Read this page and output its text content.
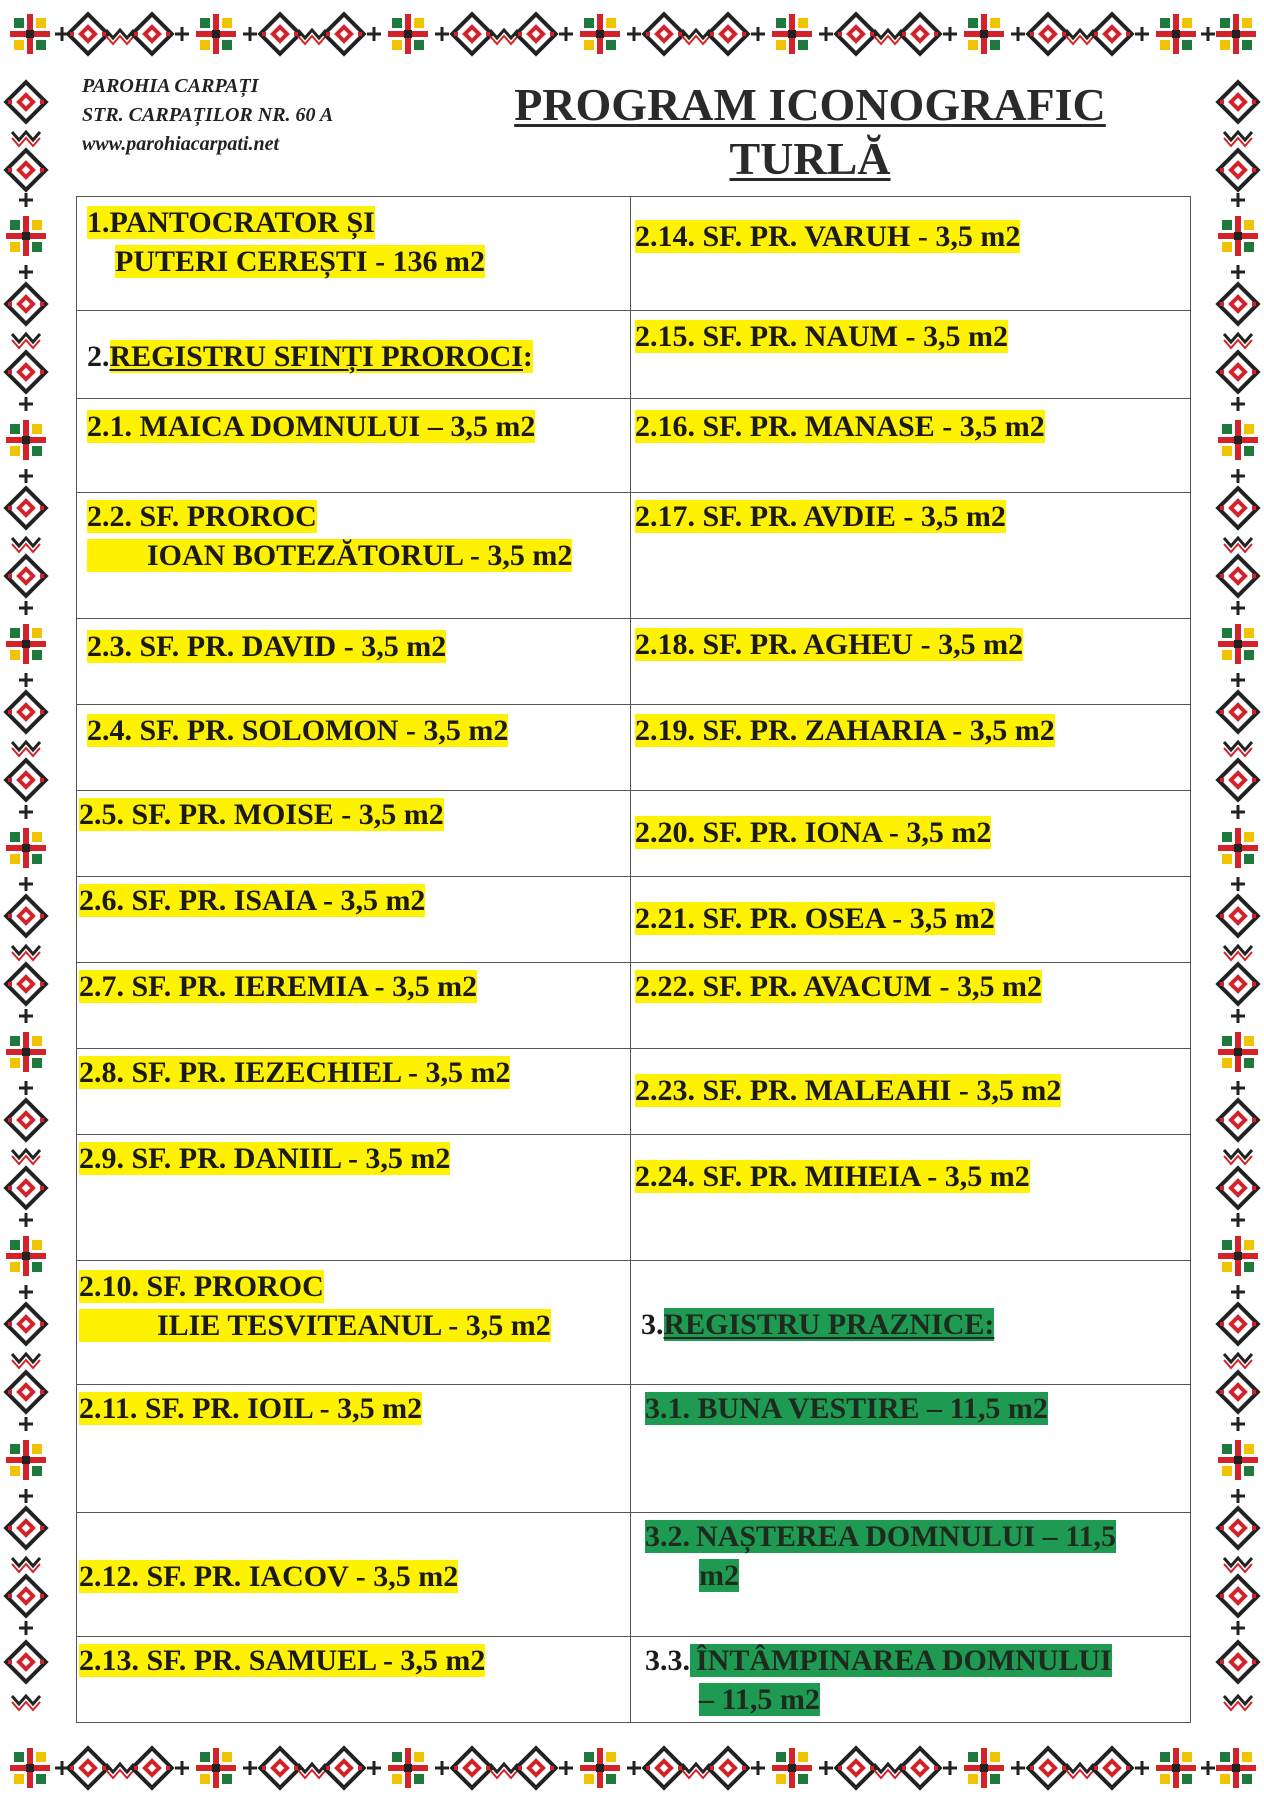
PAROHIA CARPAȚI
STR. CARPAȚILOR NR. 60 A
www.parohiacarpati.net
PROGRAM ICONOGRAFIC
TURLĂ
1.PANTOCRATOR ȘI
PUTERI CEREȘTI - 136 m2	2.14. SF. PR. VARUH - 3,5 m2

2.REGISTRU SFINȚI PROROCI:	2.15. SF. PR. NAUM - 3,5 m2

2.1. MAICA DOMNULUI – 3,5 m2	2.16. SF. PR. MANASE - 3,5 m2

2.2. SF. PROROC
IOAN BOTEZĂTORUL - 3,5 m2	2.17. SF. PR. AVDIE - 3,5 m2

2.3. SF. PR. DAVID - 3,5 m2	2.18. SF. PR. AGHEU - 3,5 m2

2.4. SF. PR. SOLOMON - 3,5 m2	2.19. SF. PR. ZAHARIA - 3,5 m2

2.5. SF. PR. MOISE - 3,5 m2	2.20. SF. PR. IONA - 3,5 m2

2.6. SF. PR. ISAIA - 3,5 m2	2.21. SF. PR. OSEA - 3,5 m2

2.7. SF. PR. IEREMIA - 3,5 m2	2.22. SF. PR. AVACUM - 3,5 m2

2.8. SF. PR. IEZECHIEL - 3,5 m2	2.23. SF. PR. MALEAHI - 3,5 m2

2.9. SF. PR. DANIIL - 3,5 m2	2.24. SF. PR. MIHEIA - 3,5 m2

2.10. SF. PROROC
ILIE TESVITEANUL - 3,5 m2	3.REGISTRU PRAZNICE:

2.11. SF. PR. IOIL - 3,5 m2	3.1. BUNA VESTIRE – 11,5 m2

2.12. SF. PR. IACOV - 3,5 m2	3.2. NAȘTEREA DOMNULUI – 11,5
m2

2.13. SF. PR. SAMUEL - 3,5 m2	3.3. ÎNTÂMPINAREA DOMNULUI
– 11,5 m2
